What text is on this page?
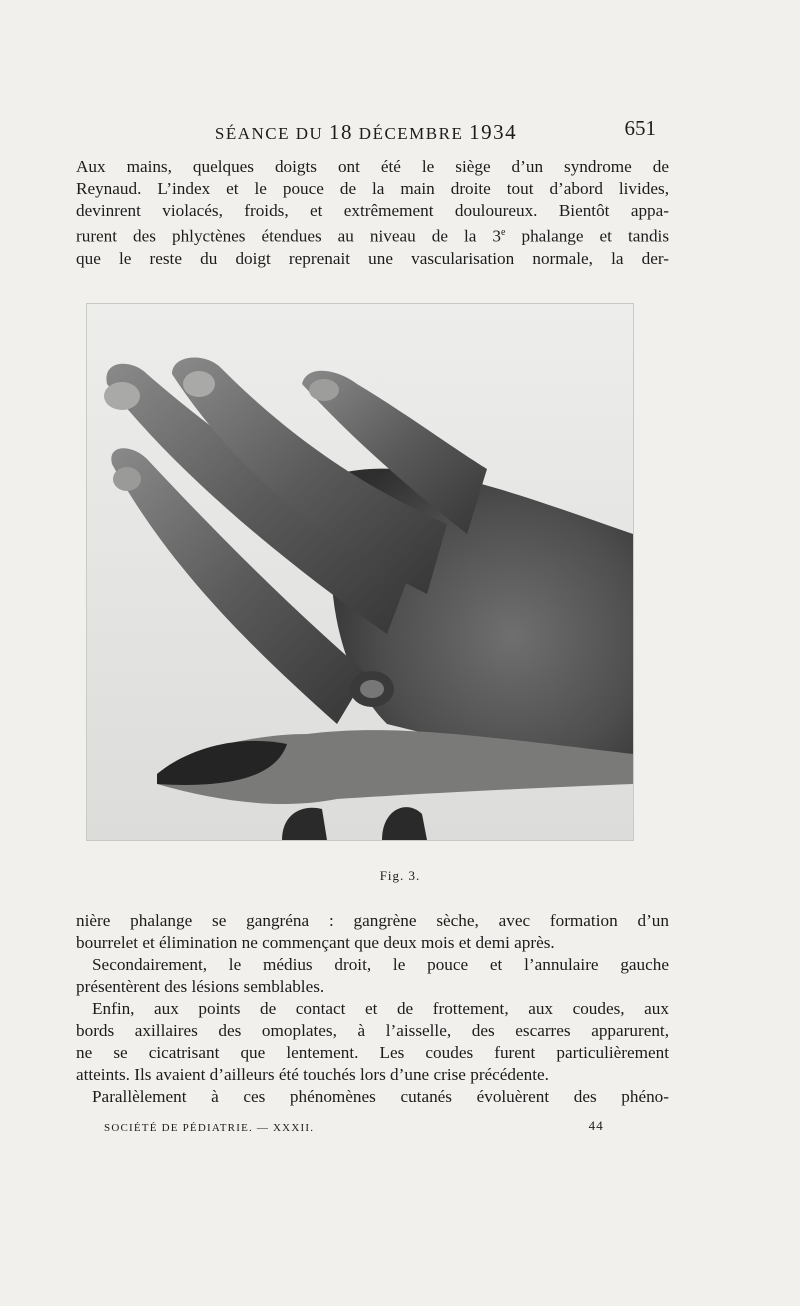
SÉANCE DU 18 DÉCEMBRE 1934	651

Aux mains, quelques doigts ont été le siège d’un syndrome de

Reynaud. L’index et le pouce de la main droite tout d’abord livides,

devinrent violacés, froids, et extrêmement douloureux. Bientôt appa-

rurent des phlyctènes étendues au niveau de la 3e phalange et tandis

que le reste du doigt reprenait une vascularisation normale, la der-

Fig. 3.

nière phalange se gangréna : gangrène sèche, avec formation d’un

bourrelet et élimination ne commençant que deux mois et demi après.

Secondairement, le médius droit, le pouce et l’annulaire gauche

présentèrent des lésions semblables.

Enfin, aux points de contact et de frottement, aux coudes, aux

bords axillaires des omoplates, à l’aisselle, des escarres apparurent,

ne se cicatrisant que lentement. Les coudes furent particulièrement

atteints. Ils avaient d’ailleurs été touchés lors d’une crise précédente.

Parallèlement à ces phénomènes cutanés évoluèrent des phéno-

SOCIÉTÉ DE PÉDIATRIE. — XXXII.	44
